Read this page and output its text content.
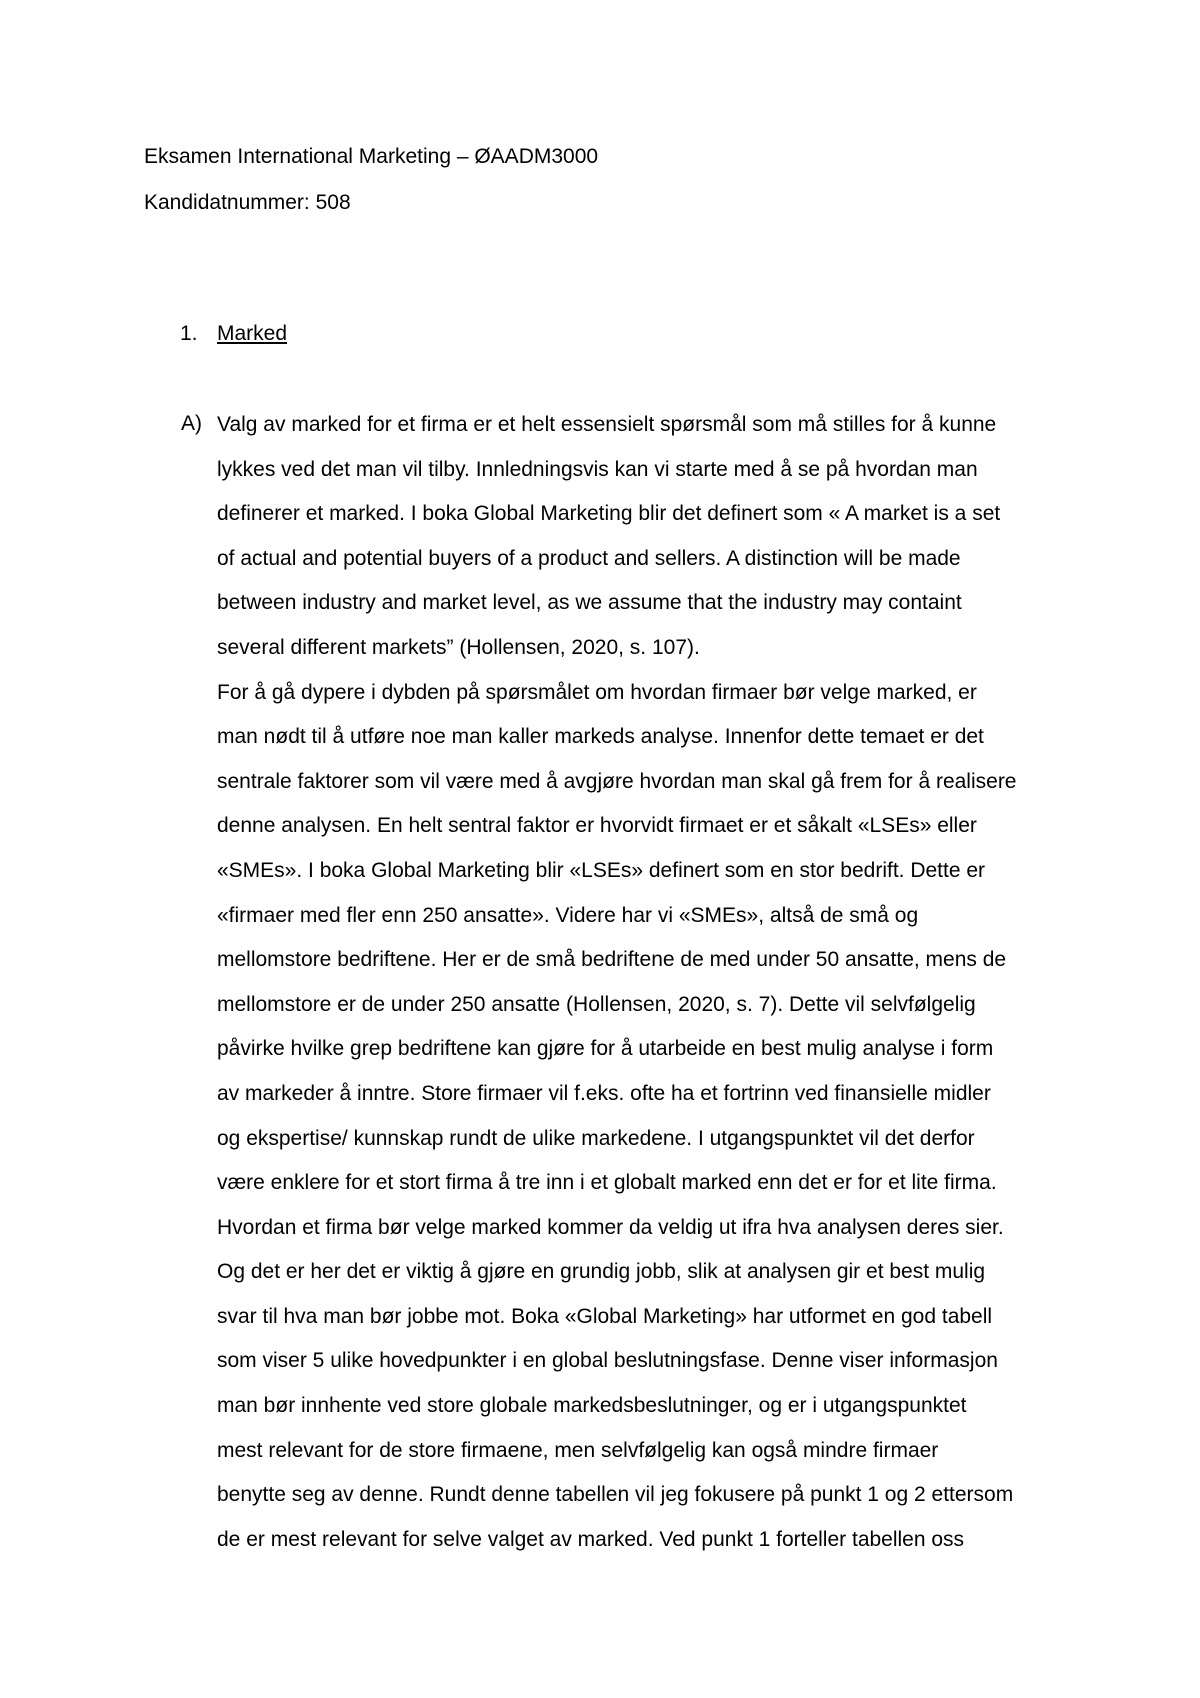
Eksamen International Marketing – ØAADM3000
Kandidatnummer: 508
1. Marked
A) Valg av marked for et firma er et helt essensielt spørsmål som må stilles for å kunne
lykkes ved det man vil tilby. Innledningsvis kan vi starte med å se på hvordan man
definerer et marked. I boka Global Marketing blir det definert som « A market is a set
of actual and potential buyers of a product and sellers. A distinction will be made
between industry and market level, as we assume that the industry may containt
several different markets” (Hollensen, 2020, s. 107).
For å gå dypere i dybden på spørsmålet om hvordan firmaer bør velge marked, er
man nødt til å utføre noe man kaller markeds analyse. Innenfor dette temaet er det
sentrale faktorer som vil være med å avgjøre hvordan man skal gå frem for å realisere
denne analysen. En helt sentral faktor er hvorvidt firmaet er et såkalt «LSEs» eller
«SMEs». I boka Global Marketing blir «LSEs» definert som en stor bedrift. Dette er
«firmaer med fler enn 250 ansatte». Videre har vi «SMEs», altså de små og
mellomstore bedriftene. Her er de små bedriftene de med under 50 ansatte, mens de
mellomstore er de under 250 ansatte (Hollensen, 2020, s. 7). Dette vil selvfølgelig
påvirke hvilke grep bedriftene kan gjøre for å utarbeide en best mulig analyse i form
av markeder å inntre. Store firmaer vil f.eks. ofte ha et fortrinn ved finansielle midler
og ekspertise/ kunnskap rundt de ulike markedene. I utgangspunktet vil det derfor
være enklere for et stort firma å tre inn i et globalt marked enn det er for et lite firma.
Hvordan et firma bør velge marked kommer da veldig ut ifra hva analysen deres sier.
Og det er her det er viktig å gjøre en grundig jobb, slik at analysen gir et best mulig
svar til hva man bør jobbe mot. Boka «Global Marketing» har utformet en god tabell
som viser 5 ulike hovedpunkter i en global beslutningsfase. Denne viser informasjon
man bør innhente ved store globale markedsbeslutninger, og er i utgangspunktet
mest relevant for de store firmaene, men selvfølgelig kan også mindre firmaer
benytte seg av denne. Rundt denne tabellen vil jeg fokusere på punkt 1 og 2 ettersom
de er mest relevant for selve valget av marked. Ved punkt 1 forteller tabellen oss
